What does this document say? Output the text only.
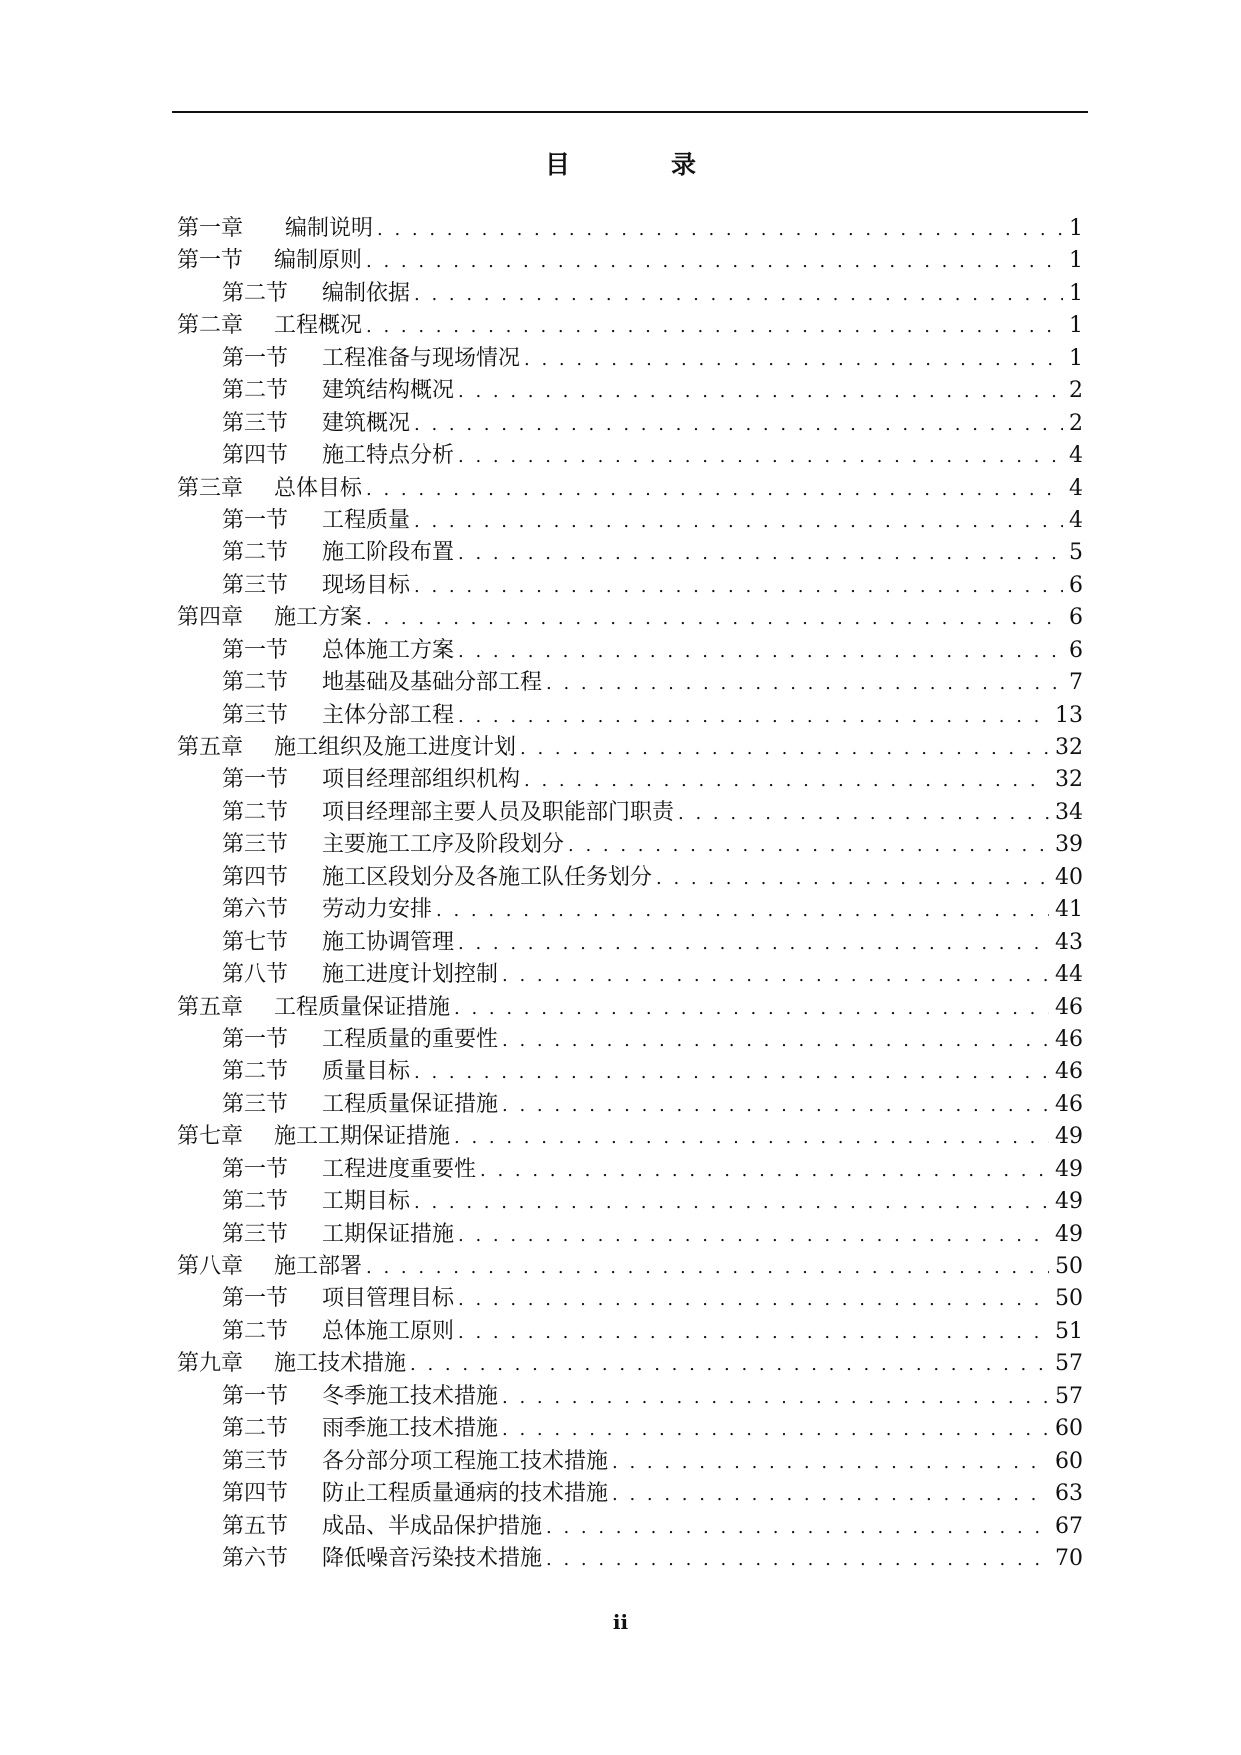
目　录
第一章	编制说明 . . .	1
第一节	编制原则 . . .	1
第二节	编制依据 . . .	1
第二章	工程概况 . . .	1
第一节	工程准备与现场情况 . . .	1
第二节	建筑结构概况 . . .	2
第三节	建筑概况 . . .	2
第四节	施工特点分析 . . .	4
第三章	总体目标 . . .	4
第一节	工程质量 . . .	4
第二节	施工阶段布置 . . .	5
第三节	现场目标 . . .	6
第四章	施工方案 . . .	6
第一节	总体施工方案 . . .	6
第二节	地基础及基础分部工程 . . .	7
第三节	主体分部工程 . . .	13
第五章	施工组织及施工进度计划 . . .	32
第一节	项目经理部组织机构 . . .	32
第二节	项目经理部主要人员及职能部门职责 . . .	34
第三节	主要施工工序及阶段划分 . . .	39
第四节	施工区段划分及各施工队任务划分 . . .	40
第六节	劳动力安排 . . .	41
第七节	施工协调管理 . . .	43
第八节	施工进度计划控制 . . .	44
第五章	工程质量保证措施 . . .	46
第一节	工程质量的重要性 . . .	46
第二节	质量目标 . . .	46
第三节	工程质量保证措施 . . .	46
第七章	施工工期保证措施 . . .	49
第一节	工程进度重要性 . . .	49
第二节	工期目标 . . .	49
第三节	工期保证措施 . . .	49
第八章	施工部署 . . .	50
第一节	项目管理目标 . . .	50
第二节	总体施工原则 . . .	51
第九章	施工技术措施 . . .	57
第一节	冬季施工技术措施 . . .	57
第二节	雨季施工技术措施 . . .	60
第三节	各分部分项工程施工技术措施 . . .	60
第四节	防止工程质量通病的技术措施 . . .	63
第五节	成品、半成品保护措施 . . .	67
第六节	降低噪音污染技术措施 . . .	70
ii
